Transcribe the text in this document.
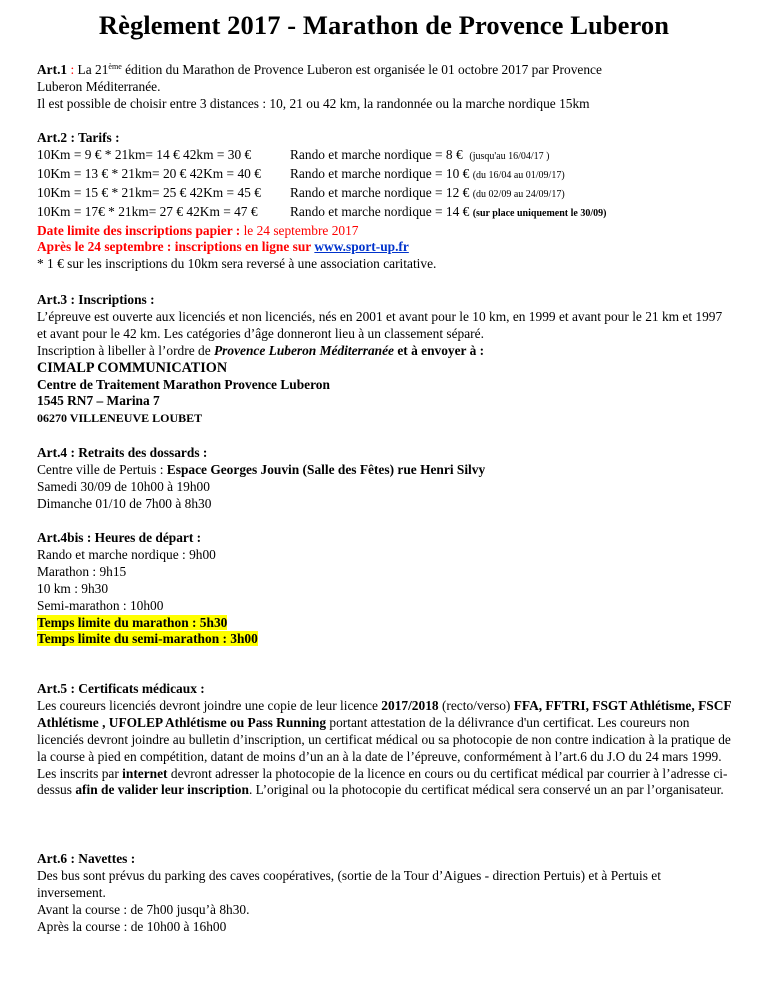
Règlement 2017 - Marathon de Provence Luberon
Art.1 : La 21ème édition du Marathon de Provence Luberon est organisée le 01 octobre 2017 par Provence
Luberon Méditerranée.
Il est possible de choisir entre 3 distances : 10, 21 ou 42 km, la randonnée ou la marche nordique 15km
Art.2 : Tarifs :
10Km = 9 € * 21km= 14 € 42km = 30 €	Rando et marche nordique = 8 € (jusqu'au 16/04/17 )
10Km = 13 € * 21km= 20 € 42Km = 40 € Rando et marche nordique = 10 € (du 16/04 au 01/09/17)
10Km = 15 € * 21km= 25 € 42Km = 45 € Rando et marche nordique = 12 € (du 02/09 au 24/09/17)
10Km = 17€ * 21km= 27 € 42Km = 47 € Rando et marche nordique = 14 € (sur place uniquement le 30/09)
Date limite des inscriptions papier : le 24 septembre 2017
Après le 24 septembre : inscriptions en ligne sur www.sport-up.fr
* 1 € sur les inscriptions du 10km sera reversé à une association caritative.
Art.3 : Inscriptions :
L’épreuve est ouverte aux licenciés et non licenciés, nés en 2001 et avant pour le 10 km, en 1999 et avant pour le 21 km et 1997 et avant pour le 42 km. Les catégories d’âge donneront lieu à un classement séparé.
Inscription à libeller à l’ordre de Provence Luberon Méditerranée et à envoyer à :
CIMALP COMMUNICATION
Centre de Traitement Marathon Provence Luberon
1545 RN7 – Marina 7
06270 VILLENEUVE LOUBET
Art.4 : Retraits des dossards :
Centre ville de Pertuis : Espace Georges Jouvin (Salle des Fêtes) rue Henri Silvy
Samedi 30/09 de 10h00 à 19h00
Dimanche 01/10 de 7h00 à 8h30
Art.4bis : Heures de départ :
Rando et marche nordique : 9h00
Marathon : 9h15
10 km : 9h30
Semi-marathon : 10h00
Temps limite du marathon : 5h30
Temps limite du semi-marathon : 3h00
Art.5 : Certificats médicaux :
Les coureurs licenciés devront joindre une copie de leur licence 2017/2018 (recto/verso) FFA, FFTRI, FSGT Athlétisme, FSCF Athlétisme , UFOLEP Athlétisme ou Pass Running portant attestation de la délivrance d'un certificat. Les coureurs non licenciés devront joindre au bulletin d’inscription, un certificat médical ou sa photocopie de non contre indication à la pratique de la course à pied en compétition, datant de moins d’un an à la date de l’épreuve, conformément à l’art.6 du J.O du 24 mars 1999.
Les inscrits par internet devront adresser la photocopie de la licence en cours ou du certificat médical par courrier à l’adresse ci-dessus afin de valider leur inscription. L’original ou la photocopie du certificat médical sera conservé un an par l’organisateur.
Art.6 : Navettes :
Des bus sont prévus du parking des caves coopératives, (sortie de la Tour d’Aigues - direction Pertuis) et à Pertuis et inversement.
Avant la course : de 7h00 jusqu’à 8h30.
Après la course : de 10h00 à 16h00
